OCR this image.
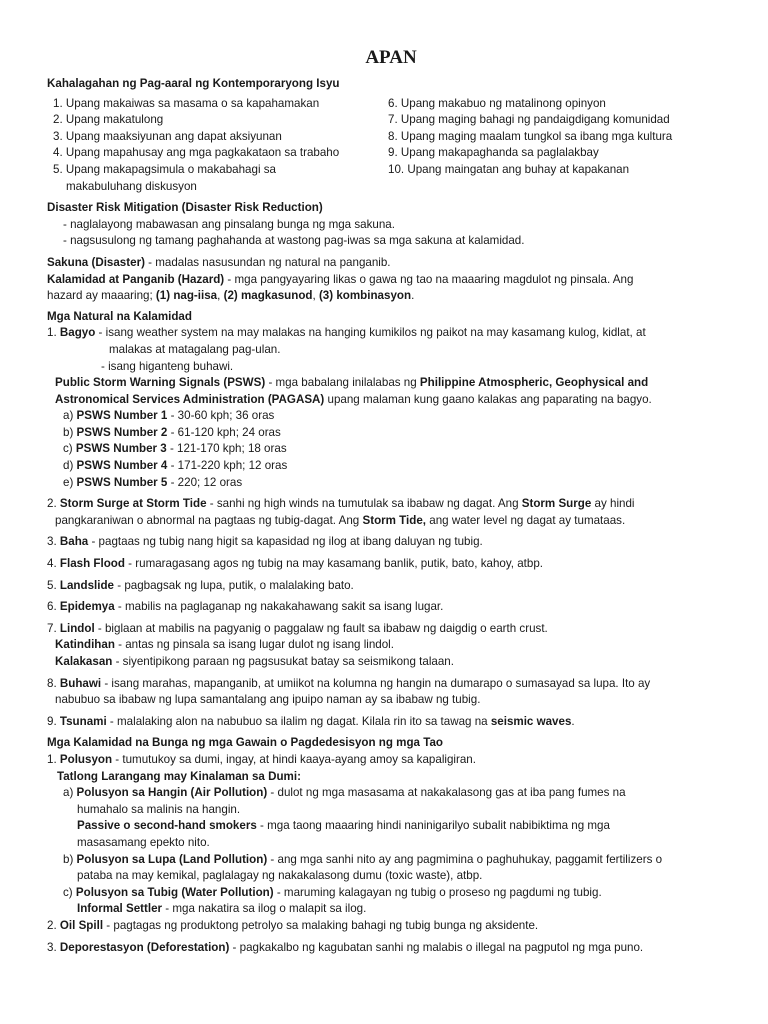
APAN
Kahalagahan ng Pag-aaral ng Kontemporaryong Isyu
1. Upang makaiwas sa masama o sa kapahamakan
2. Upang makatulong
3. Upang maaksiyunan ang dapat aksiyunan
4. Upang mapahusay ang mga pagkakataon sa trabaho
5. Upang makapagsimula o makabahagi sa
makabuluhang diskusyon
6. Upang makabuo ng matalinong opinyon
7. Upang maging bahagi ng pandaigdigang komunidad
8. Upang maging maalam tungkol sa ibang mga kultura
9. Upang makapaghanda sa paglalakbay
10. Upang maingatan ang buhay at kapakanan
Disaster Risk Mitigation (Disaster Risk Reduction)
- naglalayong mabawasan ang pinsalang bunga ng mga sakuna.
- nagsusulong ng tamang paghahanda at wastong pag-iwas sa mga sakuna at kalamidad.
Sakuna (Disaster) - madalas nasusundan ng natural na panganib.
Kalamidad at Panganib (Hazard) - mga pangyayaring likas o gawa ng tao na maaaring magdulot ng pinsala. Ang
hazard ay maaaring; (1) nag-iisa, (2) magkasunod, (3) kombinasyon.
Mga Natural na Kalamidad
1. Bagyo - isang weather system na may malakas na hanging kumikilos ng paikot na may kasamang kulog, kidlat, at
malakas at matagalang pag-ulan.
- isang higanteng buhawi.
Public Storm Warning Signals (PSWS) - mga babalang inilalabas ng Philippine Atmospheric, Geophysical and
Astronomical Services Administration (PAGASA) upang malaman kung gaano kalakas ang paparating na bagyo.
a) PSWS Number 1 - 30-60 kph; 36 oras
b) PSWS Number 2 - 61-120 kph; 24 oras
c) PSWS Number 3 - 121-170 kph; 18 oras
d) PSWS Number 4 - 171-220 kph; 12 oras
e) PSWS Number 5 - 220; 12 oras
2. Storm Surge at Storm Tide - sanhi ng high winds na tumutulak sa ibabaw ng dagat. Ang Storm Surge ay hindi
pangkaraniwan o abnormal na pagtaas ng tubig-dagat. Ang Storm Tide, ang water level ng dagat ay tumataas.
3. Baha - pagtaas ng tubig nang higit sa kapasidad ng ilog at ibang daluyan ng tubig.
4. Flash Flood - rumaragasang agos ng tubig na may kasamang banlik, putik, bato, kahoy, atbp.
5. Landslide - pagbagsak ng lupa, putik, o malalaking bato.
6. Epidemya - mabilis na paglaganap ng nakakahawang sakit sa isang lugar.
7. Lindol - biglaan at mabilis na pagyanig o paggalaw ng fault sa ibabaw ng daigdig o earth crust.
Katindihan - antas ng pinsala sa isang lugar dulot ng isang lindol.
Kalakasan - siyentipikong paraan ng pagsusukat batay sa seismikong talaan.
8. Buhawi - isang marahas, mapanganib, at umiikot na kolumna ng hangin na dumarapo o sumasayad sa lupa. Ito ay
nabubuo sa ibabaw ng lupa samantalang ang ipuipo naman ay sa ibabaw ng tubig.
9. Tsunami - malalaking alon na nabubuo sa ilalim ng dagat. Kilala rin ito sa tawag na seismic waves.
Mga Kalamidad na Bunga ng mga Gawain o Pagdedesisyon ng mga Tao
1. Polusyon - tumutukoy sa dumi, ingay, at hindi kaaya-ayang amoy sa kapaligiran.
Tatlong Larangang may Kinalaman sa Dumi:
a) Polusyon sa Hangin (Air Pollution) - dulot ng mga masasama at nakakalasong gas at iba pang fumes na
humahalo sa malinis na hangin.
Passive o second-hand smokers - mga taong maaaring hindi naninigarilyo subalit nabibiktima ng mga
masasamang epekto nito.
b) Polusyon sa Lupa (Land Pollution) - ang mga sanhi nito ay ang pagmimina o paghuhukay, paggamit fertilizers o
pataba na may kemikal, paglalagay ng nakakalasong dumu (toxic waste), atbp.
c) Polusyon sa Tubig (Water Pollution) - maruming kalagayan ng tubig o proseso ng pagdumi ng tubig.
Informal Settler - mga nakatira sa ilog o malapit sa ilog.
2. Oil Spill - pagtagas ng produktong petrolyo sa malaking bahagi ng tubig bunga ng aksidente.
3. Deporestasyon (Deforestation) - pagkakalbo ng kagubatan sanhi ng malabis o illegal na pagputol ng mga puno.
